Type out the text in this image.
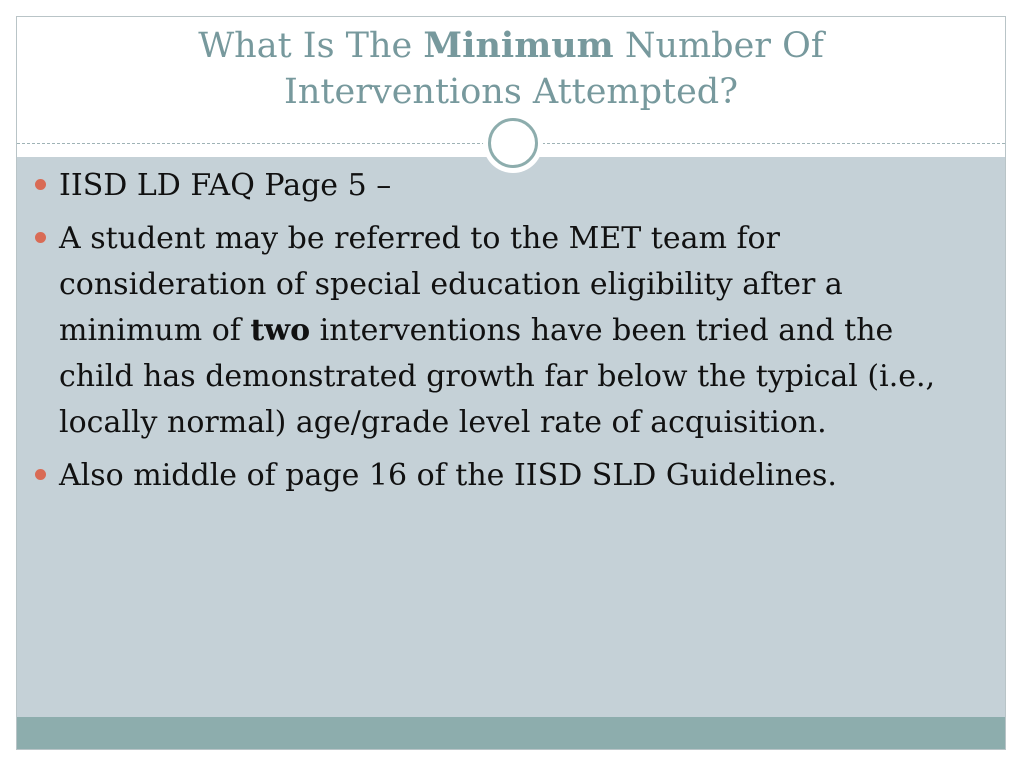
What Is The Minimum Number Of
Interventions Attempted?
IISD LD FAQ Page 5 –
A student may be referred to the MET team for consideration of special education eligibility after a minimum of two interventions have been tried and the child has demonstrated growth far below the typical (i.e., locally normal) age/grade level rate of acquisition.
Also middle of page 16 of the IISD SLD Guidelines.
